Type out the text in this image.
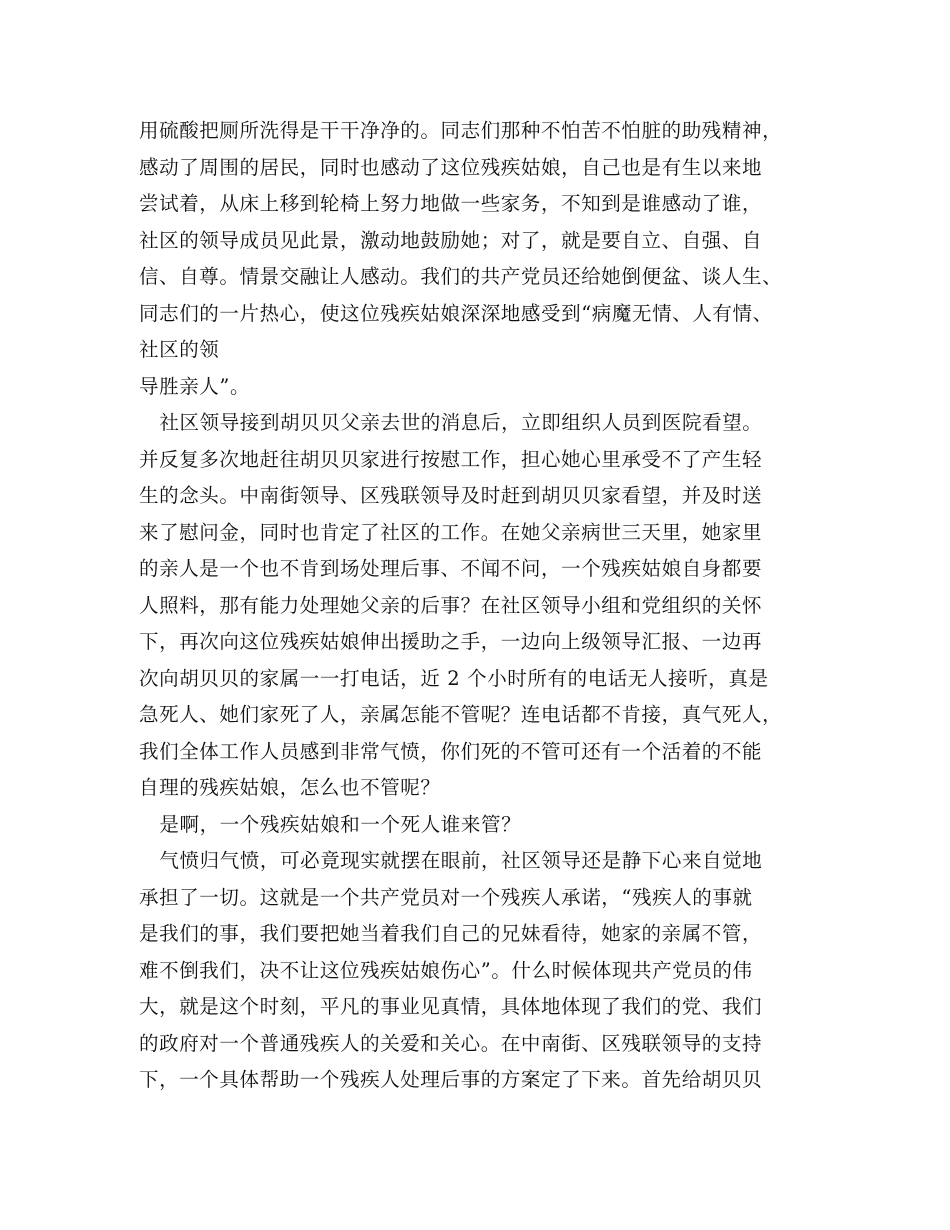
用硫酸把厕所洗得是干干净净的。同志们那种不怕苦不怕脏的助残精神，
感动了周围的居民，同时也感动了这位残疾姑娘，自己也是有生以来地
尝试着，从床上移到轮椅上努力地做一些家务，不知到是谁感动了谁，
社区的领导成员见此景，激动地鼓励她；对了，就是要自立、自强、自
信、自尊。情景交融让人感动。我们的共产党员还给她倒便盆、谈人生、
同志们的一片热心，使这位残疾姑娘深深地感受到“病魔无情、人有情、
社区的领
导胜亲人”。
社区领导接到胡贝贝父亲去世的消息后，立即组织人员到医院看望。
并反复多次地赶往胡贝贝家进行按慰工作，担心她心里承受不了产生轻
生的念头。中南街领导、区残联领导及时赶到胡贝贝家看望，并及时送
来了慰问金，同时也肯定了社区的工作。在她父亲病世三天里，她家里
的亲人是一个也不肯到场处理后事、不闻不问，一个残疾姑娘自身都要
人照料，那有能力处理她父亲的后事？在社区领导小组和党组织的关怀
下，再次向这位残疾姑娘伸出援助之手，一边向上级领导汇报、一边再
次向胡贝贝的家属一一打电话，近 2 个小时所有的电话无人接听，真是
急死人、她们家死了人，亲属怎能不管呢？连电话都不肯接，真气死人，
我们全体工作人员感到非常气愤，你们死的不管可还有一个活着的不能
自理的残疾姑娘，怎么也不管呢？
是啊，一个残疾姑娘和一个死人谁来管？
气愤归气愤，可必竟现实就摆在眼前，社区领导还是静下心来自觉地
承担了一切。这就是一个共产党员对一个残疾人承诺，“残疾人的事就
是我们的事，我们要把她当着我们自己的兄妹看待，她家的亲属不管，
难不倒我们，决不让这位残疾姑娘伤心”。什么时候体现共产党员的伟
大，就是这个时刻，平凡的事业见真情，具体地体现了我们的党、我们
的政府对一个普通残疾人的关爱和关心。在中南街、区残联领导的支持
下，一个具体帮助一个残疾人处理后事的方案定了下来。首先给胡贝贝
